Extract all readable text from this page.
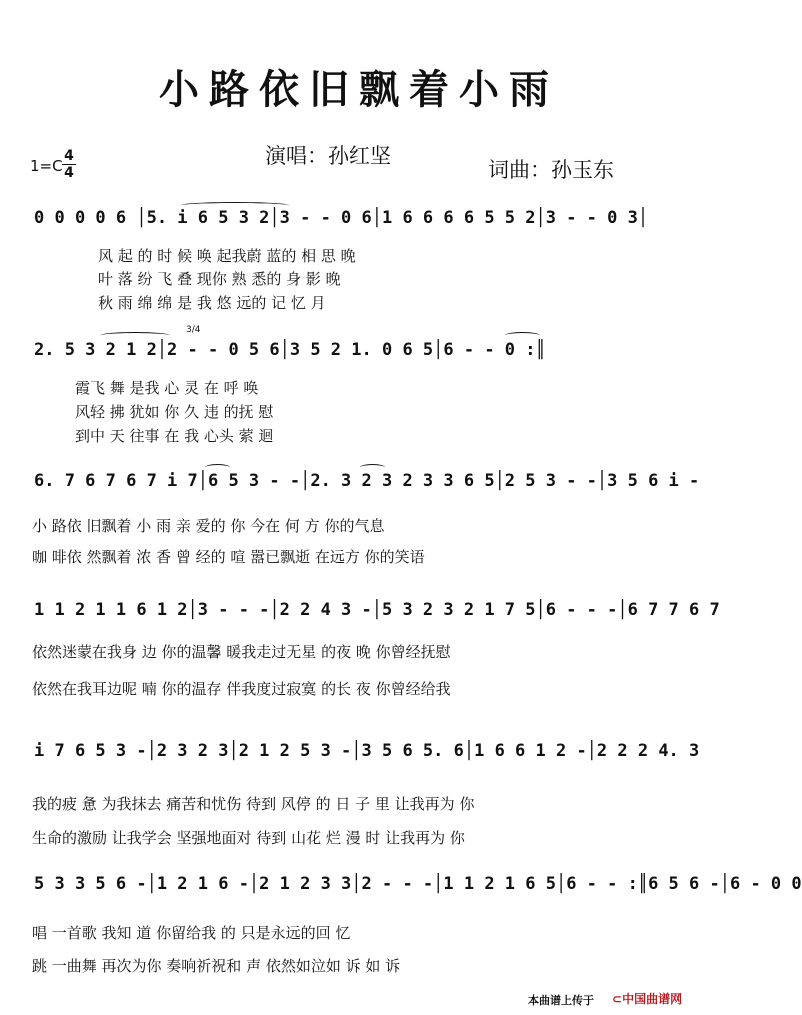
小路依旧飘着小雨
演唱：孙红坚
词曲：孙玉东
$1=C \frac{4}{4}$
0 0 0 0 6 │5. i 6 5 3 2│3 - - 0 6│1 6 6 6 6 5 5 2│3 - - 0 3│
风 起 的 时 候 唤 起我蔚 蓝的 相 思 晚
叶 落 纷 飞 叠 现你 熟 悉的 身 影 晚
秋 雨 绵 绵 是 我 悠 远的 记 忆 月
3/4
2. 5 3 2 1 2│2 - - 0 5 6│3 5 2 1. 0 6 5│6 - - 0 :║
霞飞 舞 是我 心 灵 在 呼 唤
风轻 拂 犹如 你 久 违 的抚 慰
到中 天 往事 在 我 心头 萦 迴
6. 7 6 7 6 7 i 7│6 5 3 - -│2. 3 2 3 2 3 3 6 5│2 5 3 - -│3 5 6 i -
小 路依 旧飘着 小 雨 亲 爱的 你 今在 何 方 你的气息
咖 啡依 然飘着 浓 香 曾 经的 喧 嚣已飘逝 在远方 你的笑语
1 1 2 1 1 6 1 2│3 - - -│2 2 4 3 -│5 3 2 3 2 1 7 5│6 - - -│6 7 7 6 7
依然迷蒙在我身 边 你的温馨 暖我走过无星 的夜 晚 你曾经抚慰
依然在我耳边呢 喃 你的温存 伴我度过寂寞 的长 夜 你曾经给我
i 7 6 5 3 -│2 3 2 3│2 1 2 5 3 -│3 5 6 5. 6│1 6 6 1 2 -│2 2 2 4. 3
我的疲 惫 为我抹去 痛苦和忧伤 待到 风停 的 日 子 里 让我再为 你
生命的激励 让我学会 坚强地面对 待到 山花 烂 漫 时 让我再为 你
5 3 3 5 6 -│1 2 1 6 -│2 1 2 3 3│2 - - -│1 1 2 1 6 5│6 - - :║6 5 6 -│6 - 0 0
唱 一首歌 我知 道 你留给我 的 只是永远的回 忆
跳 一曲舞 再次为你 奏响祈祝和 声 依然如泣如 诉 如 诉
本曲谱上传于 ⊂中国曲谱网
